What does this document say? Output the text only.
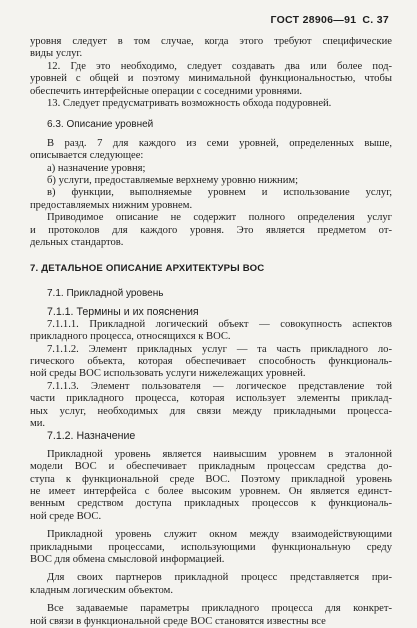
ГОСТ 28906—91 С. 37
уровня следует в том случае, когда этого требуют специфические
виды услуг.
12. Где это необходимо, следует создавать два или более под-
уровней с общей и поэтому минимальной функциональностью, чтобы
обеспечить интерфейсные операции с соседними уровнями.
13. Следует предусматривать возможность обхода подуровней.
6.3. Описание уровней
В разд. 7 для каждого из семи уровней, определенных выше,
описывается следующее:
а) назначение уровня;
б) услуги, предоставляемые верхнему уровню нижним;
в) функции, выполняемые уровнем и использование услуг,
предоставляемых нижним уровнем.
Приводимое описание не содержит полного определения услуг
и протоколов для каждого уровня. Это является предметом от-
дельных стандартов.
7. ДЕТАЛЬНОЕ ОПИСАНИЕ АРХИТЕКТУРЫ ВОС
7.1. Прикладной уровень
7.1.1. Термины и их пояснения
7.1.1.1. Прикладной логический объект — совокупность аспектов
прикладного процесса, относящихся к ВОС.
7.1.1.2. Элемент прикладных услуг — та часть прикладного ло-
гического объекта, которая обеспечивает способность функциональ-
ной среды ВОС использовать услуги нижележащих уровней.
7.1.1.3. Элемент пользователя — логическое представление той
части прикладного процесса, которая использует элементы приклад-
ных услуг, необходимых для связи между прикладными процесса-
ми.
7.1.2. Назначение
Прикладной уровень является наивысшим уровнем в эталонной
модели ВОС и обеспечивает прикладным процессам средства до-
ступа к функциональной среде ВОС. Поэтому прикладной уровень
не имеет интерфейса с более высоким уровнем. Он является единст-
венным средством доступа прикладных процессов к функциональ-
ной среде ВОС.
Прикладной уровень служит окном между взаимодействующими
прикладными процессами, использующими функциональную среду
ВОС для обмена смысловой информацией.
Для своих партнеров прикладной процесс представляется при-
кладным логическим объектом.
Все задаваемые параметры прикладного процесса для конкрет-
ной связи в функциональной среде ВОС становятся известны все
